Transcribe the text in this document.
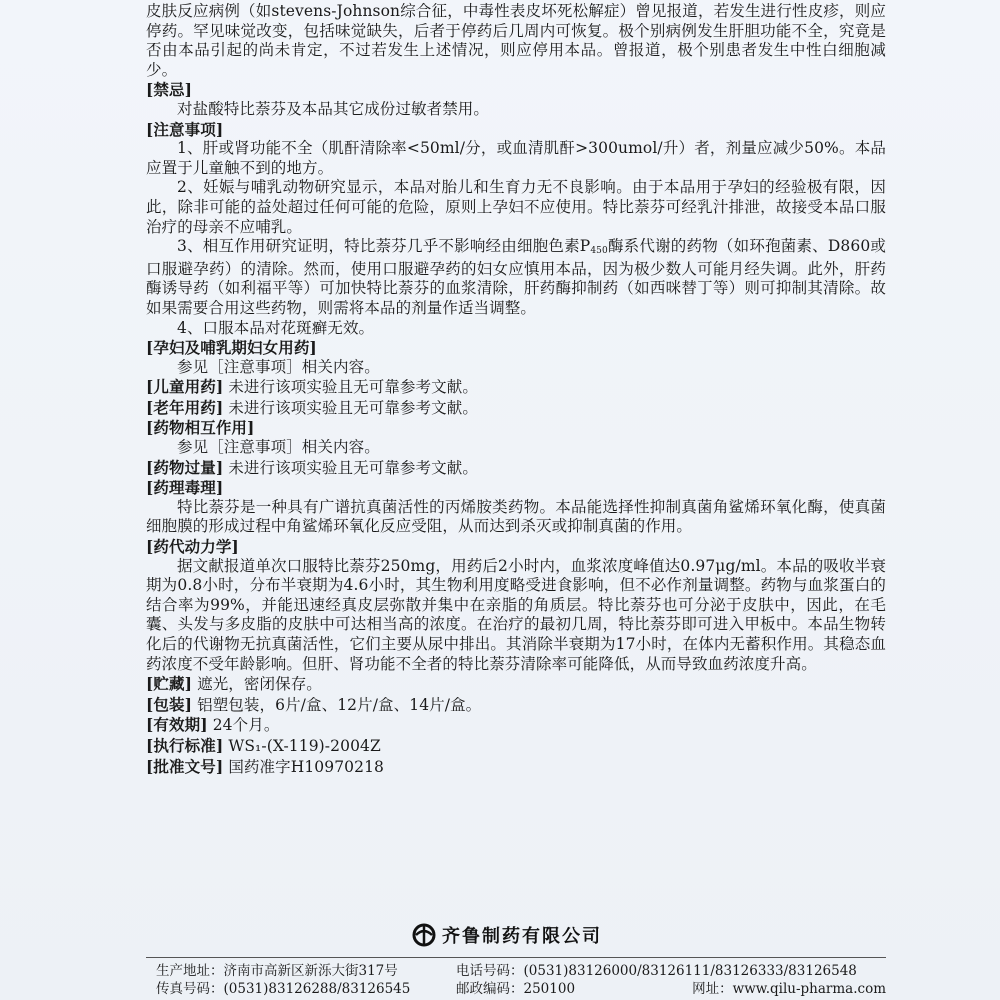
皮肤反应病例（如stevens-Johnson综合征，中毒性表皮坏死松解症）曾见报道，若发生进行性皮疹，则应停药。罕见味觉改变，包括味觉缺失，后者于停药后几周内可恢复。极个别病例发生肝胆功能不全，究竟是否由本品引起的尚未肯定，不过若发生上述情况，则应停用本品。曾报道，极个别患者发生中性白细胞减少。

[禁忌]

对盐酸特比萘芬及本品其它成份过敏者禁用。

[注意事项]

1、肝或肾功能不全（肌酐清除率<50ml/分，或血清肌酐>300umol/升）者，剂量应减少50%。本品应置于儿童触不到的地方。

2、妊娠与哺乳动物研究显示，本品对胎儿和生育力无不良影响。由于本品用于孕妇的经验极有限，因此，除非可能的益处超过任何可能的危险，原则上孕妇不应使用。特比萘芬可经乳汁排泄，故接受本品口服治疗的母亲不应哺乳。

3、相互作用研究证明，特比萘芬几乎不影响经由细胞色素$P_{450}$酶系代谢的药物（如环孢菌素、D860或口服避孕药）的清除。然而，使用口服避孕药的妇女应慎用本品，因为极少数人可能月经失调。此外，肝药酶诱导药（如利福平等）可加快特比萘芬的血浆清除，肝药酶抑制药（如西咪替丁等）则可抑制其清除。故如果需要合用这些药物，则需将本品的剂量作适当调整。

4、口服本品对花斑癣无效。

[孕妇及哺乳期妇女用药]

参见［注意事项］相关内容。

[儿童用药] 未进行该项实验且无可靠参考文献。

[老年用药] 未进行该项实验且无可靠参考文献。

[药物相互作用]

参见［注意事项］相关内容。

[药物过量] 未进行该项实验且无可靠参考文献。

[药理毒理]

特比萘芬是一种具有广谱抗真菌活性的丙烯胺类药物。本品能选择性抑制真菌角鲨烯环氧化酶，使真菌细胞膜的形成过程中角鲨烯环氧化反应受阻，从而达到杀灭或抑制真菌的作用。

[药代动力学]

据文献报道单次口服特比萘芬250mg，用药后2小时内，血浆浓度峰值达0.97μg/ml。本品的吸收半衰期为0.8小时，分布半衰期为4.6小时，其生物利用度略受进食影响，但不必作剂量调整。药物与血浆蛋白的结合率为99%，并能迅速经真皮层弥散并集中在亲脂的角质层。特比萘芬也可分泌于皮肤中，因此，在毛囊、头发与多皮脂的皮肤中可达相当高的浓度。在治疗的最初几周，特比萘芬即可进入甲板中。本品生物转化后的代谢物无抗真菌活性，它们主要从尿中排出。其消除半衰期为17小时，在体内无蓄积作用。其稳态血药浓度不受年龄影响。但肝、肾功能不全者的特比萘芬清除率可能降低，从而导致血药浓度升高。

[贮藏] 遮光，密闭保存。

[包装] 铝塑包装，6片/盒、12片/盒、14片/盒。

[有效期] 24个月。

[执行标准] WS₁-(X-119)-2004Z

[批准文号] 国药准字H10970218

齐鲁制药有限公司
生产地址：济南市高新区新泺大街317号	电话号码：(0531)83126000/83126111/83126333/83126548
传真号码：(0531)83126288/83126545	邮政编码：250100	网址：www.qilu-pharma.com
